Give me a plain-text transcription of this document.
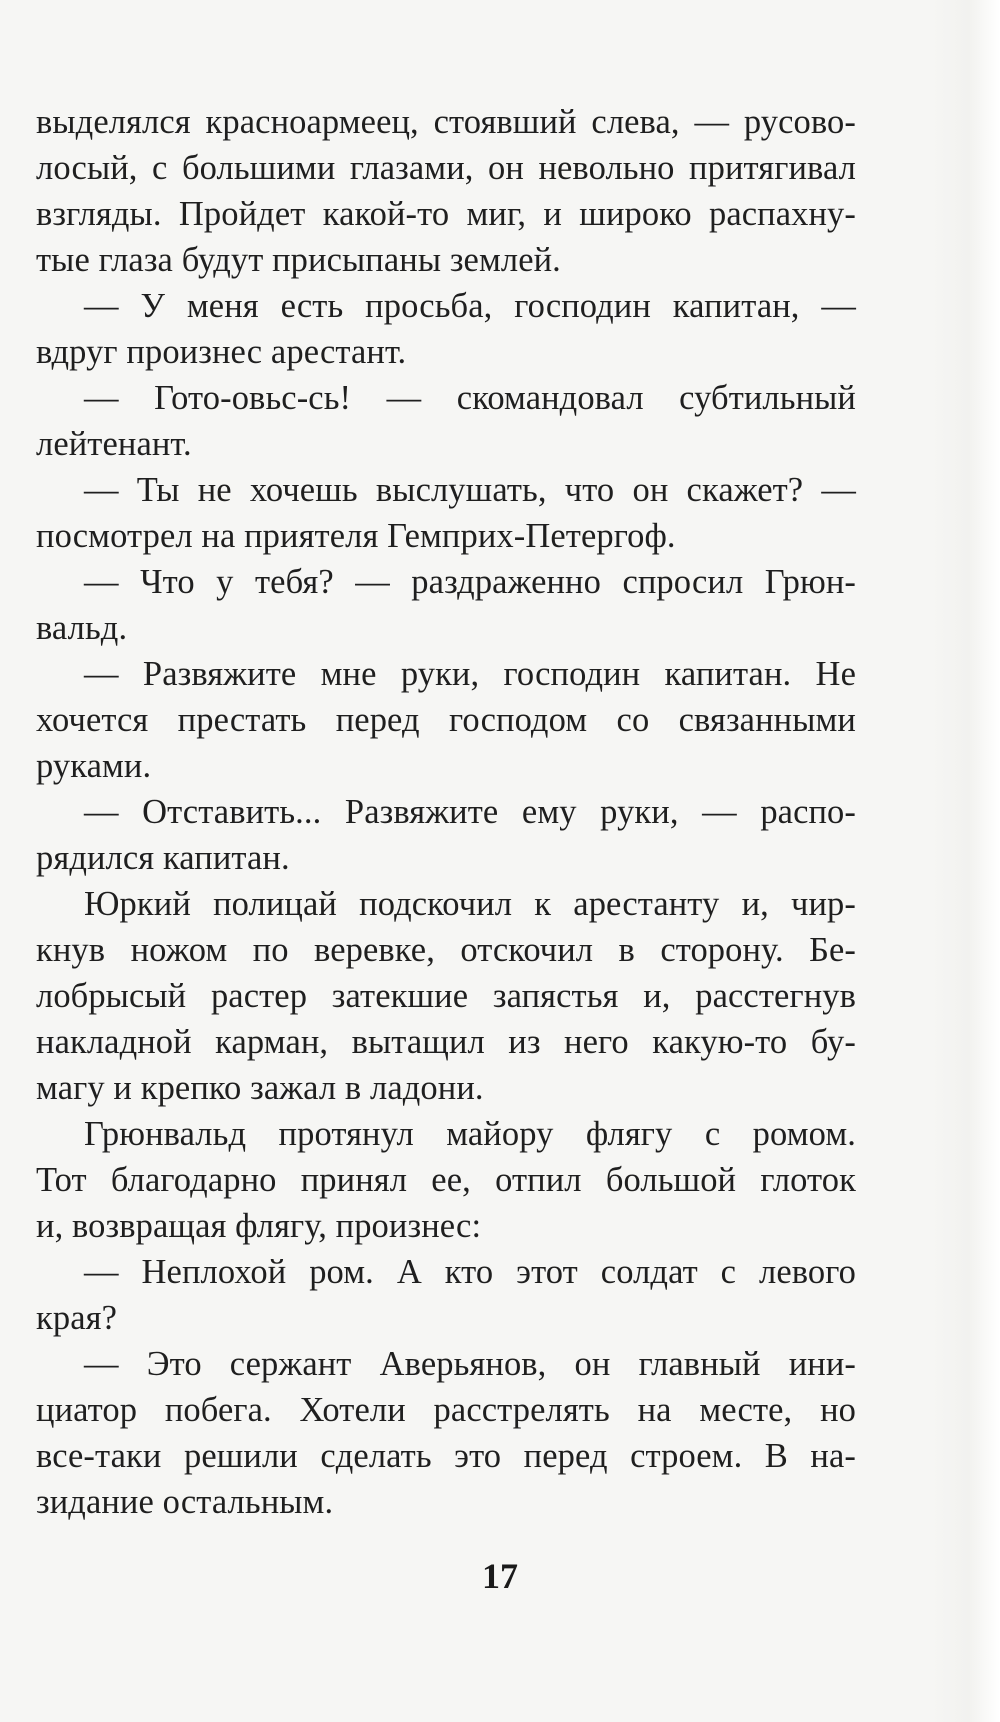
выделялся красноармеец, стоявший слева, — русово-
лосый, с большими глазами, он невольно притягивал
взгляды. Пройдет какой-то миг, и широко распахну-
тые глаза будут присыпаны землей.
— У меня есть просьба, господин капитан, —
вдруг произнес арестант.
— Гото-овьс-сь! — скомандовал субтильный
лейтенант.
— Ты не хочешь выслушать, что он скажет? —
посмотрел на приятеля Гемприх-Петергоф.
— Что у тебя? — раздраженно спросил Грюн-
вальд.
— Развяжите мне руки, господин капитан. Не
хочется престать перед господом со связанными
руками.
— Отставить... Развяжите ему руки, — распо-
рядился капитан.
Юркий полицай подскочил к арестанту и, чир-
кнув ножом по веревке, отскочил в сторону. Бе-
лобрысый растер затекшие запястья и, расстегнув
накладной карман, вытащил из него какую-то бу-
магу и крепко зажал в ладони.
Грюнвальд протянул майору флягу с ромом.
Тот благодарно принял ее, отпил большой глоток
и, возвращая флягу, произнес:
— Неплохой ром. А кто этот солдат с левого
края?
— Это сержант Аверьянов, он главный ини-
циатор побега. Хотели расстрелять на месте, но
все-таки решили сделать это перед строем. В на-
зидание остальным.
17
